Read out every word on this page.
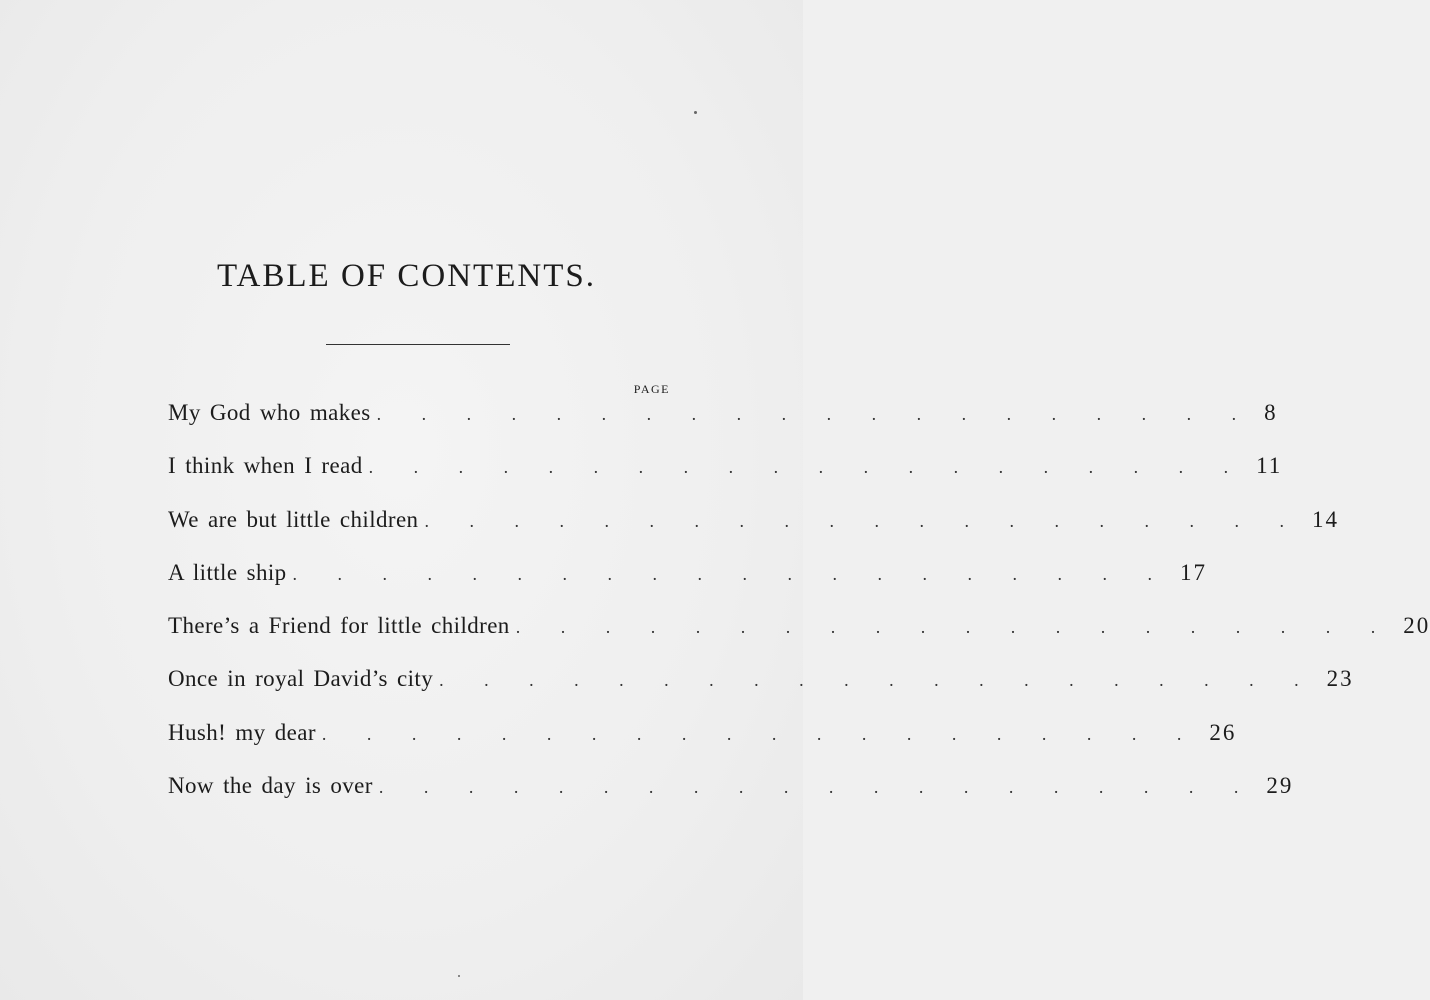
TABLE OF CONTENTS.
PAGE
My God who makes . . . . . . . . . . . . . . . . . . . . 8
I think when I read . . . . . . . . . . . . . . . . . . . . 11
We are but little children . . . . . . . . . . . . . . . . . . . . 14
A little ship . . . . . . . . . . . . . . . . . . . . 17
There’s a Friend for little children . . . . . . . . . . . . . . . . . . . . 20
Once in royal David’s city . . . . . . . . . . . . . . . . . . . . 23
Hush! my dear . . . . . . . . . . . . . . . . . . . . 26
Now the day is over . . . . . . . . . . . . . . . . . . . . 29
